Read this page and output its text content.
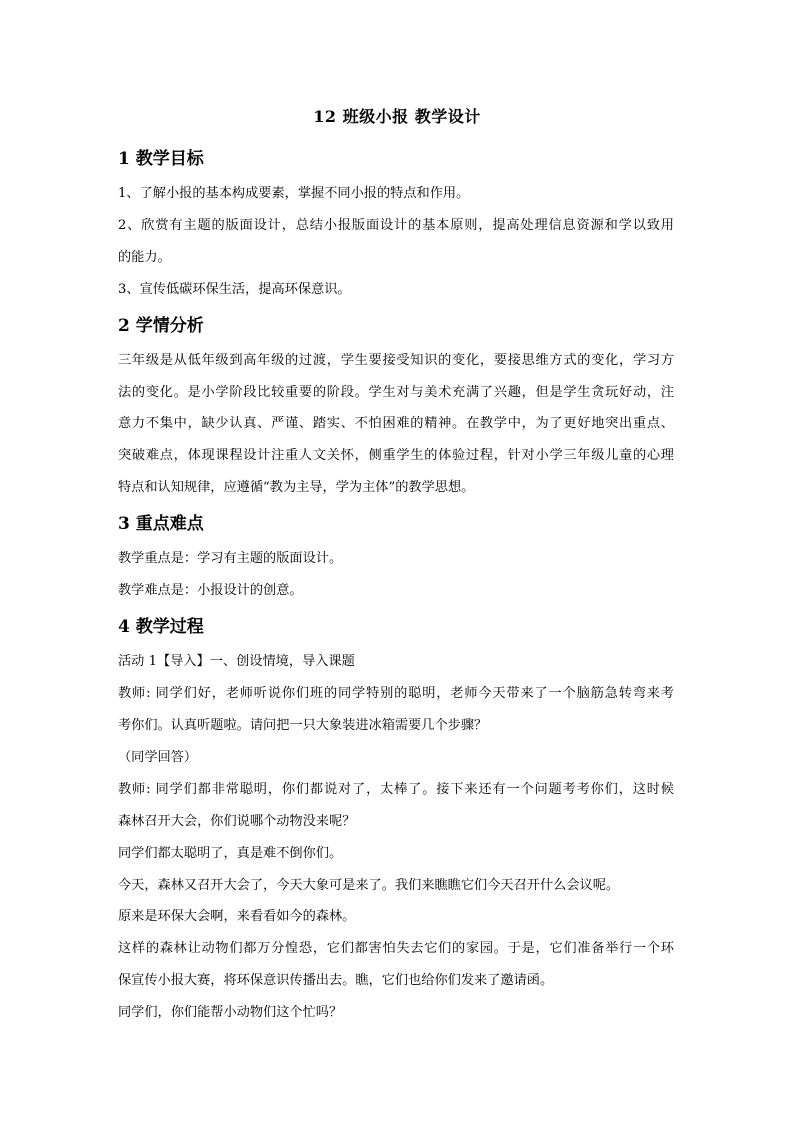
12 班级小报 教学设计
1 教学目标
1、了解小报的基本构成要素，掌握不同小报的特点和作用。
2、欣赏有主题的版面设计，总结小报版面设计的基本原则，提高处理信息资源和学以致用
的能力。
3、宣传低碳环保生活，提高环保意识。
2 学情分析
三年级是从低年级到高年级的过渡，学生要接受知识的变化，要接思维方式的变化，学习方
法的变化。是小学阶段比较重要的阶段。学生对与美术充满了兴趣，但是学生贪玩好动，注
意力不集中，缺少认真、严谨、踏实、不怕困难的精神。在教学中，为了更好地突出重点、
突破难点，体现课程设计注重人文关怀，侧重学生的体验过程，针对小学三年级儿童的心理
特点和认知规律，应遵循“教为主导，学为主体”的教学思想。
3 重点难点
教学重点是：学习有主题的版面设计。
教学难点是：小报设计的创意。
4 教学过程
活动 1【导入】一、创设情境，导入课题
教师: 同学们好，老师听说你们班的同学特别的聪明，老师今天带来了一个脑筋急转弯来考
考你们。认真听题啦。请问把一只大象装进冰箱需要几个步骤？
（同学回答）
教师: 同学们都非常聪明，你们都说对了，太棒了。接下来还有一个问题考考你们，这时候
森林召开大会，你们说哪个动物没来呢？
同学们都太聪明了，真是难不倒你们。
今天，森林又召开大会了，今天大象可是来了。我们来瞧瞧它们今天召开什么会议呢。
原来是环保大会啊，来看看如今的森林。
这样的森林让动物们都万分惶恐，它们都害怕失去它们的家园。于是，它们准备举行一个环
保宣传小报大赛，将环保意识传播出去。瞧，它们也给你们发来了邀请函。
同学们，你们能帮小动物们这个忙吗？
